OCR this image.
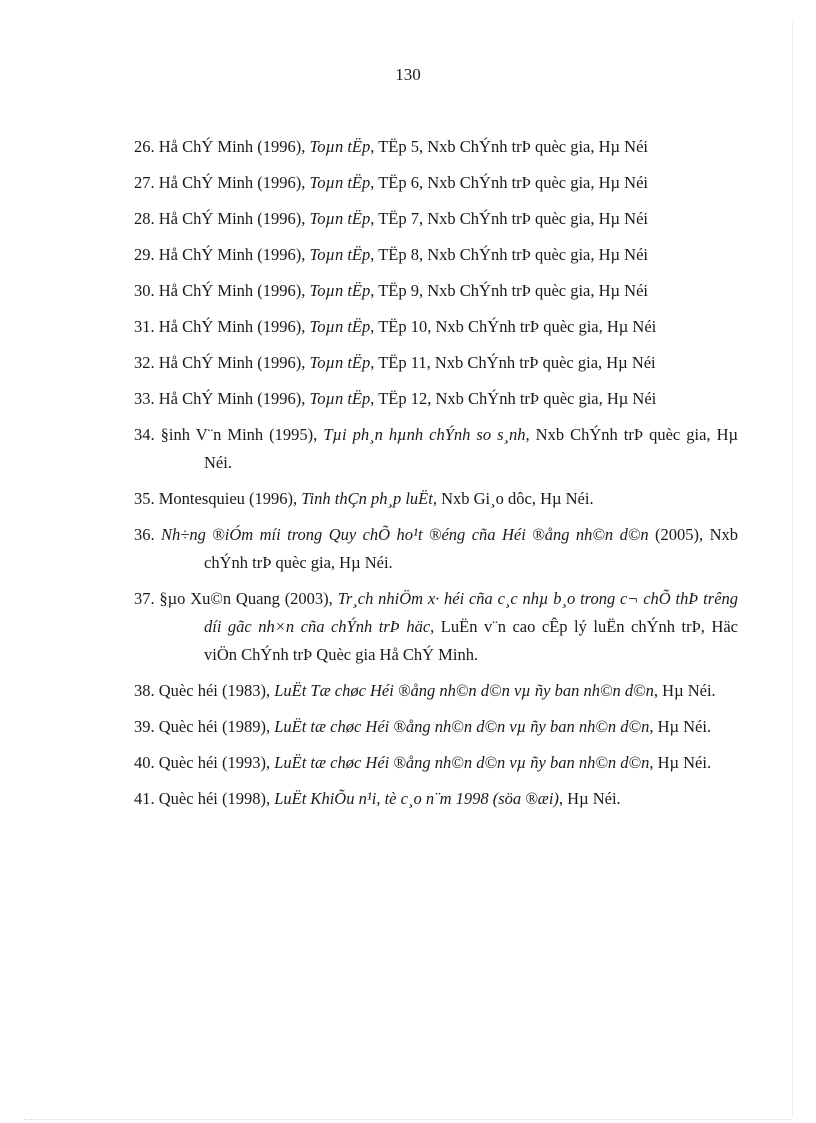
130
26. Hå ChÝ Minh (1996), Toµn tËp, TËp 5, Nxb ChÝnh trÞ quèc gia, Hµ Néi
27. Hå ChÝ Minh (1996), Toµn tËp, TËp 6, Nxb ChÝnh trÞ quèc gia, Hµ Néi
28. Hå ChÝ Minh (1996), Toµn tËp, TËp 7, Nxb ChÝnh trÞ quèc gia, Hµ Néi
29. Hå ChÝ Minh (1996), Toµn tËp, TËp 8, Nxb ChÝnh trÞ quèc gia, Hµ Néi
30. Hå ChÝ Minh (1996), Toµn tËp, TËp 9, Nxb ChÝnh trÞ quèc gia, Hµ Néi
31. Hå ChÝ Minh (1996), Toµn tËp, TËp 10, Nxb ChÝnh trÞ quèc gia, Hµ Néi
32. Hå ChÝ Minh (1996), Toµn tËp, TËp 11, Nxb ChÝnh trÞ quèc gia, Hµ Néi
33. Hå ChÝ Minh (1996), Toµn tËp, TËp 12, Nxb ChÝnh trÞ quèc gia, Hµ Néi
34. §inh V¨n Minh (1995), Tµi ph¸n hµnh chÝnh so s¸nh, Nxb ChÝnh trÞ quèc gia, Hµ Néi.
35. Montesquieu (1996), Tinh thÇn ph¸p luËt, Nxb Gi¸o dôc, Hµ Néi.
36. Nh÷ng ®iÓm míi trong Quy chÕ ho¹t ®éng cña Héi ®ång nh©n d©n (2005), Nxb chÝnh trÞ quèc gia, Hµ Néi.
37. §µo Xu©n Quang (2003), Tr¸ch nhiÖm x· héi cña c¸c nhµ b¸o trong c¬ chÕ thÞ trêng díi gãc nh×n cña chÝnh trÞ häc, LuËn v¨n cao cÊp lý luËn chÝnh trÞ, Häc viÖn ChÝnh trÞ Quèc gia Hå ChÝ Minh.
38. Quèc héi (1983), LuËt Tæ chøc Héi ®ång nh©n d©n vµ ñy ban nh©n d©n, Hµ Néi.
39. Quèc héi (1989), LuËt tæ chøc Héi ®ång nh©n d©n vµ ñy ban nh©n d©n, Hµ Néi.
40. Quèc héi (1993), LuËt tæ chøc Héi ®ång nh©n d©n vµ ñy ban nh©n d©n, Hµ Néi.
41. Quèc héi (1998), LuËt KhiÕu n¹i, tè c¸o n¨m 1998 (söa ®æi), Hµ Néi.
